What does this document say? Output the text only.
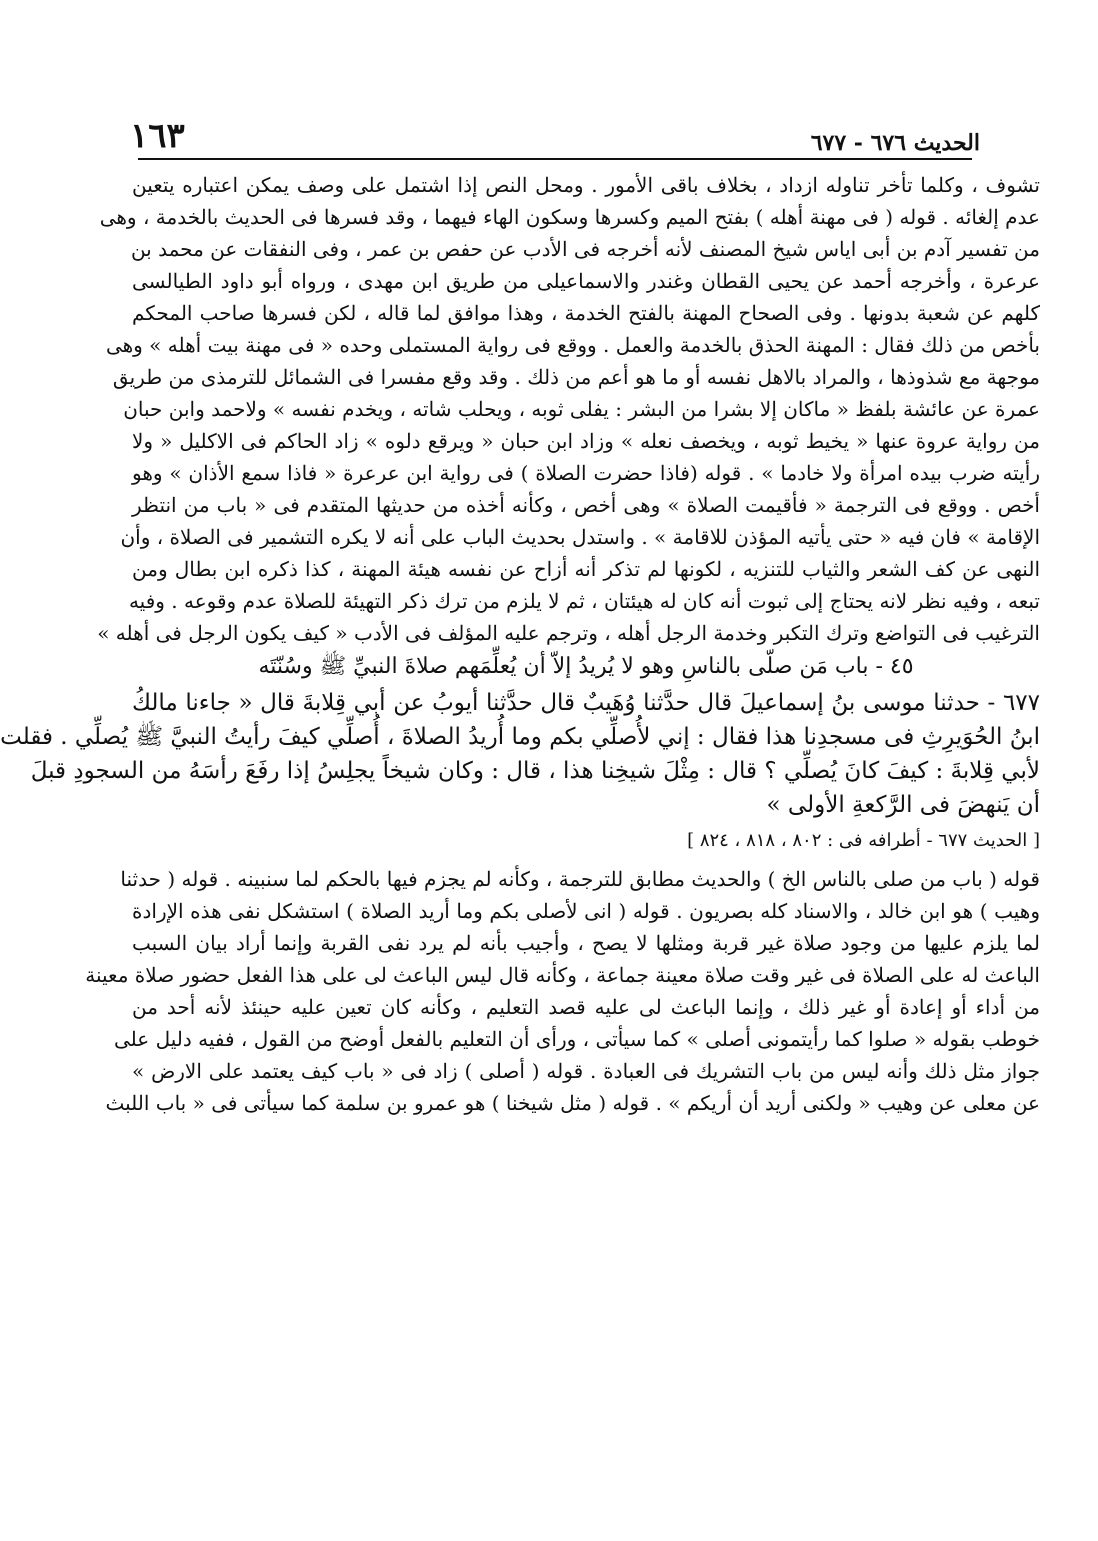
الحديث ٦٧٦ - ٦٧٧
١٦٣
تشوف ، وكلما تأخر تناوله ازداد ، بخلاف باقى الأمور . ومحل النص إذا اشتمل على وصف يمكن اعتباره يتعين
عدم إلغائه . قوله ( فى مهنة أهله ) بفتح الميم وكسرها وسكون الهاء فيهما ، وقد فسرها فى الحديث بالخدمة ، وهى
من تفسير آدم بن أبى اياس شيخ المصنف لأنه أخرجه فى الأدب عن حفص بن عمر ، وفى النفقات عن محمد بن
عرعرة ، وأخرجه أحمد عن يحيى القطان وغندر والاسماعيلى من طريق ابن مهدى ، ورواه أبو داود الطيالسى
كلهم عن شعبة بدونها . وفى الصحاح المهنة بالفتح الخدمة ، وهذا موافق لما قاله ، لكن فسرها صاحب المحكم
بأخص من ذلك فقال : المهنة الحذق بالخدمة والعمل . ووقع فى رواية المستملى وحده « فى مهنة بيت أهله » وهى
موجهة مع شذوذها ، والمراد بالاهل نفسه أو ما هو أعم من ذلك . وقد وقع مفسرا فى الشمائل للترمذى من طريق
عمرة عن عائشة بلفظ « ماكان إلا بشرا من البشر : يفلى ثوبه ، ويحلب شاته ، ويخدم نفسه » ولاحمد وابن حبان
من رواية عروة عنها « يخيط ثوبه ، ويخصف نعله » وزاد ابن حبان « ويرقع دلوه » زاد الحاكم فى الاكليل « ولا
رأيته ضرب بيده امرأة ولا خادما » . قوله (فاذا حضرت الصلاة ) فى رواية ابن عرعرة « فاذا سمع الأذان » وهو
أخص . ووقع فى الترجمة « فأقيمت الصلاة » وهى أخص ، وكأنه أخذه من حديثها المتقدم فى « باب من انتظر
الإقامة » فان فيه « حتى يأتيه المؤذن للاقامة » . واستدل بحديث الباب على أنه لا يكره التشمير فى الصلاة ، وأن
النهى عن كف الشعر والثياب للتنزيه ، لكونها لم تذكر أنه أزاح عن نفسه هيئة المهنة ، كذا ذكره ابن بطال ومن
تبعه ، وفيه نظر لانه يحتاج إلى ثبوت أنه كان له هيئتان ، ثم لا يلزم من ترك ذكر التهيئة للصلاة عدم وقوعه . وفيه
الترغيب فى التواضع وترك التكبر وخدمة الرجل أهله ، وترجم عليه المؤلف فى الأدب « كيف يكون الرجل فى أهله »
٤٥ - باب مَن صلّى بالناسِ وهو لا يُريدُ إلاّ أن يُعلِّمَهم صلاةَ النبيِّ ﷺ وسُنّتَه
٦٧٧ - حدثنا موسى بنُ إسماعيلَ قال حدَّثنا وُهَيبٌ قال حدَّثنا أيوبُ عن أبي قِلابةَ قال « جاءنا مالكُ
ابنُ الحُوَيرِثِ فى مسجدِنا هذا فقال : إني لأُصلِّي بكم وما أُريدُ الصلاةَ ، أُصلِّي كيفَ رأيتُ النبيَّ ﷺ يُصلِّي . فقلت
لأبي قِلابةَ : كيفَ كانَ يُصلِّي ؟ قال : مِثْلَ شيخِنا هذا ، قال : وكان شيخاً يجلِسُ إذا رفَعَ رأسَهُ من السجودِ قبلَ
أن يَنهضَ فى الرَّكعةِ الأولى »
[ الحديث ٦٧٧ - أطرافه فى : ٨٠٢ ، ٨١٨ ، ٨٢٤ ]
قوله ( باب من صلى بالناس الخ ) والحديث مطابق للترجمة ، وكأنه لم يجزم فيها بالحكم لما سنبينه . قوله ( حدثنا
وهيب ) هو ابن خالد ، والاسناد كله بصريون . قوله ( انى لأصلى بكم وما أريد الصلاة ) استشكل نفى هذه الإرادة
لما يلزم عليها من وجود صلاة غير قربة ومثلها لا يصح ، وأجيب بأنه لم يرد نفى القربة وإنما أراد بيان السبب
الباعث له على الصلاة فى غير وقت صلاة معينة جماعة ، وكأنه قال ليس الباعث لى على هذا الفعل حضور صلاة معينة
من أداء أو إعادة أو غير ذلك ، وإنما الباعث لى عليه قصد التعليم ، وكأنه كان تعين عليه حينئذ لأنه أحد من
خوطب بقوله « صلوا كما رأيتمونى أصلى » كما سيأتى ، ورأى أن التعليم بالفعل أوضح من القول ، ففيه دليل على
جواز مثل ذلك وأنه ليس من باب التشريك فى العبادة . قوله ( أصلى ) زاد فى « باب كيف يعتمد على الارض »
عن معلى عن وهيب « ولكنى أريد أن أريكم » . قوله ( مثل شيخنا ) هو عمرو بن سلمة كما سيأتى فى « باب اللبث
